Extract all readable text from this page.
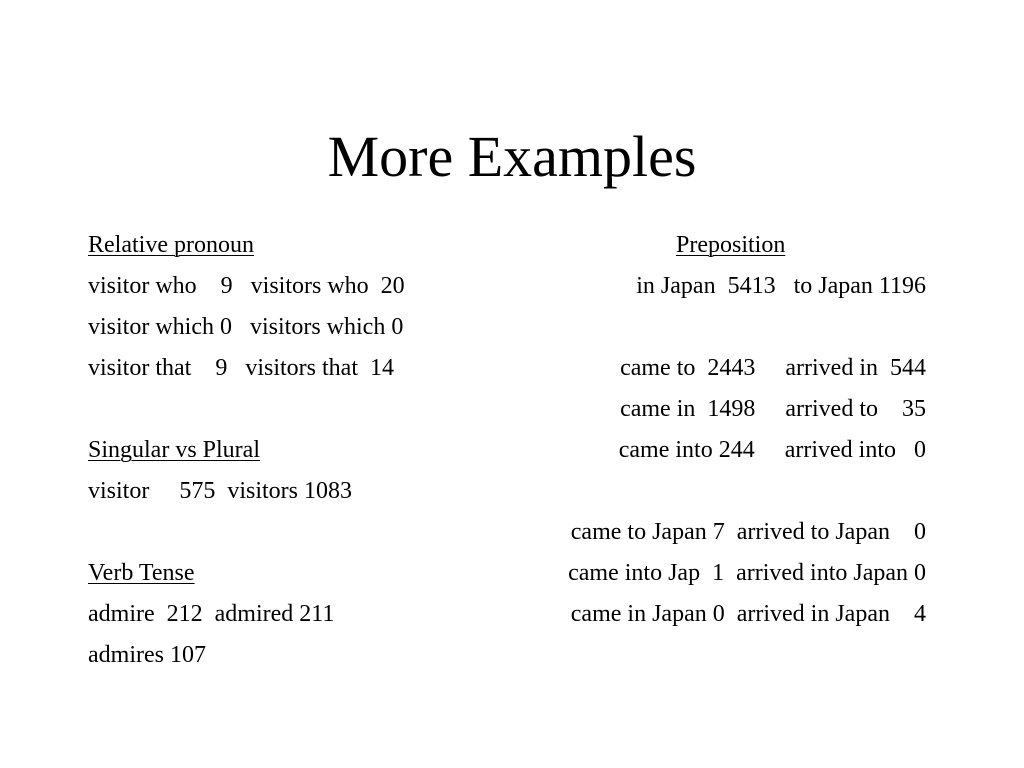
More Examples
Relative pronoun
visitor who    9   visitors who  20
visitor which 0   visitors which 0
visitor that    9   visitors that  14
Singular vs Plural
visitor     575  visitors 1083
Verb Tense
admire  212  admired 211
admires 107
Preposition
in Japan  5413   to Japan 1196
came to  2443     arrived in  544
came in  1498     arrived to    35
came into 244     arrived into   0
came to Japan 7  arrived to Japan    0
came into Jap  1  arrived into Japan 0
came in Japan 0  arrived in Japan    4
